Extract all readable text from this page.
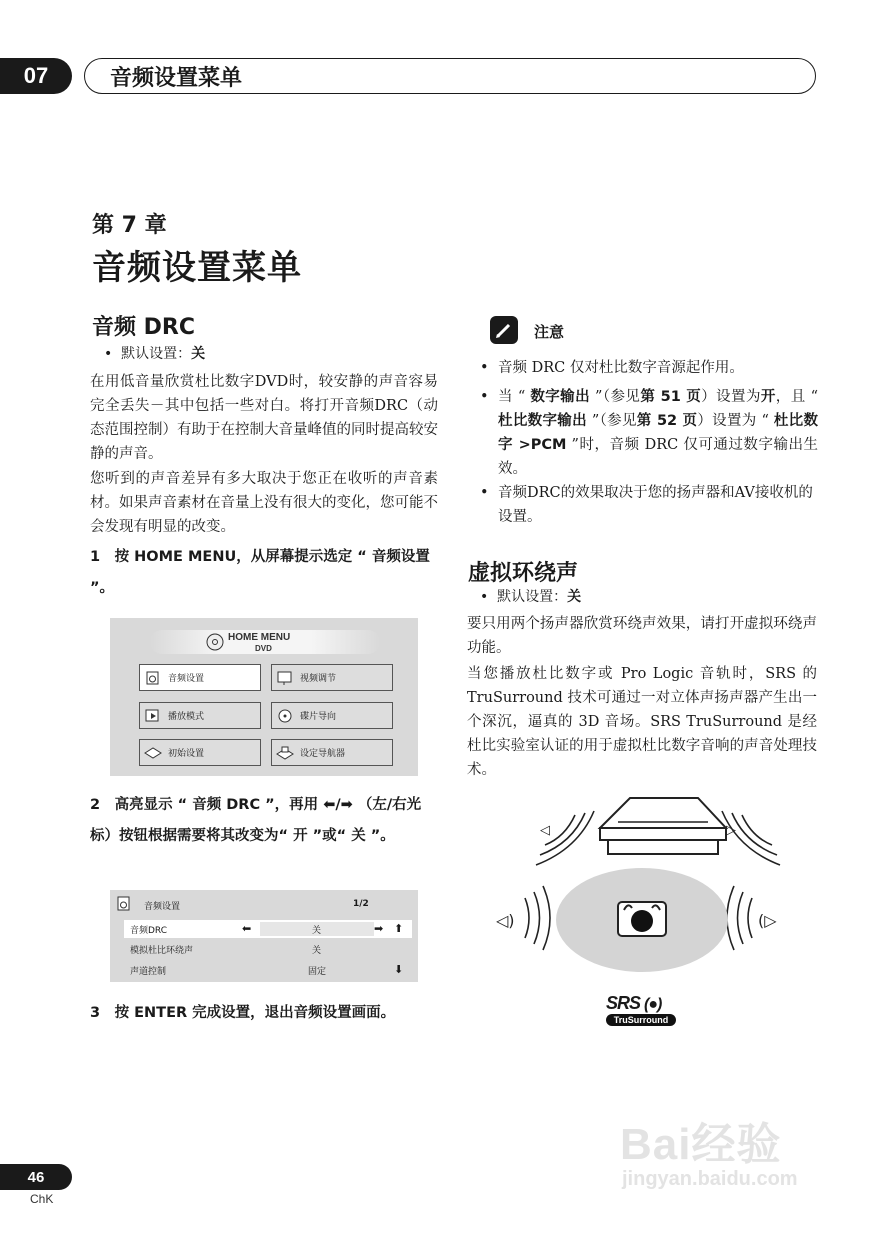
07	音频设置菜单
第 7 章
音频设置菜单
音频 DRC
•  默认设置：关
在用低音量欣赏杜比数字DVD时，较安静的声音容易完全丢失－其中包括一些对白。将打开音频DRC（动态范围控制）有助于在控制大音量峰值的同时提高较安静的声音。
您听到的声音差异有多大取决于您正在收听的声音素材。如果声音素材在音量上没有很大的变化，您可能不会发现有明显的改变。
1　按 HOME MENU，从屏幕提示选定 “ 音频设置 ”。
HOME MENU
DVD
音频设置	视频调节
播放模式	碟片导向
初始设置	设定导航器
2　高亮显示 “ 音频 DRC ”，再用 ⬅/➡ （左/右光标）按钮根据需要将其改变为“ 开 ”或“ 关 ”。
音频设置	1/2
音频DRC	⬅	关	➡ ⬆
模拟杜比环绕声	关
声道控制	固定	⬇
3　按 ENTER 完成设置，退出音频设置画面。
注意
• 音频 DRC 仅对杜比数字音源起作用。
• 当 “ 数字输出 ”（参见第 51 页）设置为开，且 “ 杜比数字输出 ”（参见第 52 页）设置为 “ 杜比数字 >PCM ”时，音频 DRC 仅可通过数字输出生效。
• 音频DRC的效果取决于您的扬声器和AV接收机的设置。
虚拟环绕声
•  默认设置：关
要只用两个扬声器欣赏环绕声效果，请打开虚拟环绕声功能。
当您播放杜比数字或 Pro Logic 音轨时，SRS 的 TruSurround 技术可通过一对立体声扬声器产生出一个深沉，逼真的 3D 音场。SRS TruSurround 是经杜比实验室认证的用于虚拟杜比数字音响的声音处理技术。
◁	▷
◁)	(▷
SRS (●)
TruSurround
46
ChK
Bai经验
jingyan.baidu.com
